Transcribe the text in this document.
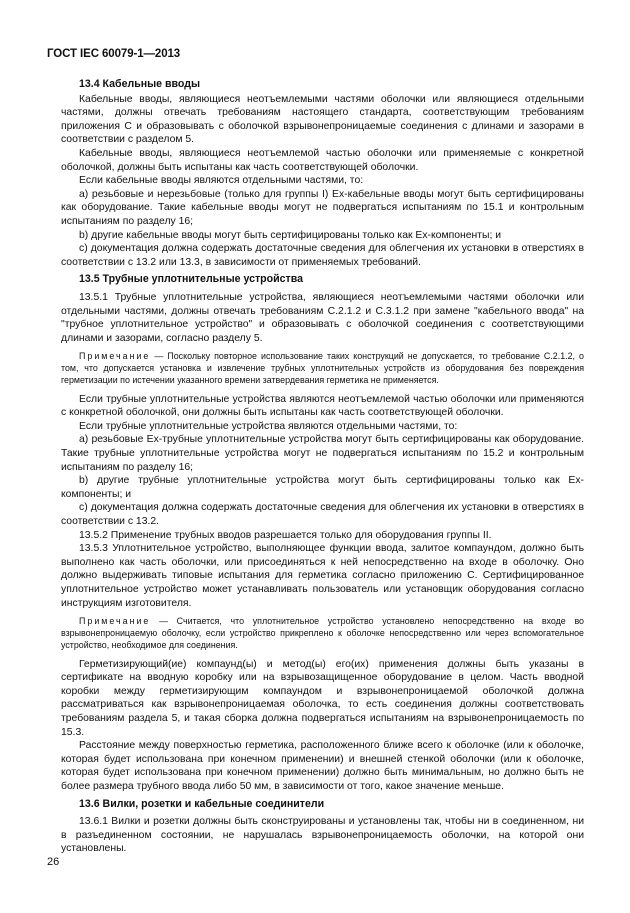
ГОСТ IEC 60079-1—2013
13.4 Кабельные вводы

Кабельные вводы, являющиеся неотъемлемыми частями оболочки или являющиеся отдельными частями, должны отвечать требованиям настоящего стандарта, соответствующим требованиям приложения С и образовывать с оболочкой взрывонепроницаемые соединения с длинами и зазорами в соответствии с разделом 5.

Кабельные вводы, являющиеся неотъемлемой частью оболочки или применяемые с конкретной оболочкой, должны быть испытаны как часть соответствующей оболочки.

Если кабельные вводы являются отдельными частями, то:

а) резьбовые и нерезьбовые (только для группы I) Ех-кабельные вводы могут быть сертифицированы как оборудование. Такие кабельные вводы могут не подвергаться испытаниям по 15.1 и контрольным испытаниям по разделу 16;

b) другие кабельные вводы могут быть сертифицированы только как Ех-компоненты; и

с) документация должна содержать достаточные сведения для облегчения их установки в отверстиях в соответствии с 13.2 или 13.3, в зависимости от применяемых требований.

13.5 Трубные уплотнительные устройства

13.5.1 Трубные уплотнительные устройства, являющиеся неотъемлемыми частями оболочки или отдельными частями, должны отвечать требованиям С.2.1.2 и С.3.1.2 при замене "кабельного ввода" на "трубное уплотнительное устройство" и образовывать с оболочкой соединения с соответствующими длинами и зазорами, согласно разделу 5.

Примечание — Поскольку повторное использование таких конструкций не допускается, то требование С.2.1.2, о том, что допускается установка и извлечение трубных уплотнительных устройств из оборудования без повреждения герметизации по истечении указанного времени затвердевания герметика не применяется.

Если трубные уплотнительные устройства являются неотъемлемой частью оболочки или применяются с конкретной оболочкой, они должны быть испытаны как часть соответствующей оболочки.

Если трубные уплотнительные устройства являются отдельными частями, то:

а) резьбовые Ех-трубные уплотнительные устройства могут быть сертифицированы как оборудование. Такие трубные уплотнительные устройства могут не подвергаться испытаниям по 15.2 и контрольным испытаниям по разделу 16;

b) другие трубные уплотнительные устройства могут быть сертифицированы только как Ех-компоненты; и

с) документация должна содержать достаточные сведения для облегчения их установки в отверстиях в соответствии с 13.2.

13.5.2 Применение трубных вводов разрешается только для оборудования группы II.

13.5.3 Уплотнительное устройство, выполняющее функции ввода, залитое компаундом, должно быть выполнено как часть оболочки, или присоединяться к ней непосредственно на входе в оболочку. Оно должно выдерживать типовые испытания для герметика согласно приложению С. Сертифицированное уплотнительное устройство может устанавливать пользователь или установщик оборудования согласно инструкциям изготовителя.

Примечание — Считается, что уплотнительное устройство установлено непосредственно на входе во взрывонепроницаемую оболочку, если устройство прикреплено к оболочке непосредственно или через вспомогательное устройство, необходимое для соединения.

Герметизирующий(ие) компаунд(ы) и метод(ы) его(их) применения должны быть указаны в сертификате на вводную коробку или на взрывозащищенное оборудование в целом. Часть вводной коробки между герметизирующим компаундом и взрывонепроницаемой оболочкой должна рассматриваться как взрывонепроницаемая оболочка, то есть соединения должны соответствовать требованиям раздела 5, и такая сборка должна подвергаться испытаниям на взрывонепроницаемость по 15.3.

Расстояние между поверхностью герметика, расположенного ближе всего к оболочке (или к оболочке, которая будет использована при конечном применении) и внешней стенкой оболочки (или к оболочке, которая будет использована при конечном применении) должно быть минимальным, но должно быть не более размера трубного ввода либо 50 мм, в зависимости от того, какое значение меньше.

13.6 Вилки, розетки и кабельные соединители

13.6.1 Вилки и розетки должны быть сконструированы и установлены так, чтобы ни в соединенном, ни в разъединенном состоянии, не нарушалась взрывонепроницаемость оболочки, на которой они установлены.

26
